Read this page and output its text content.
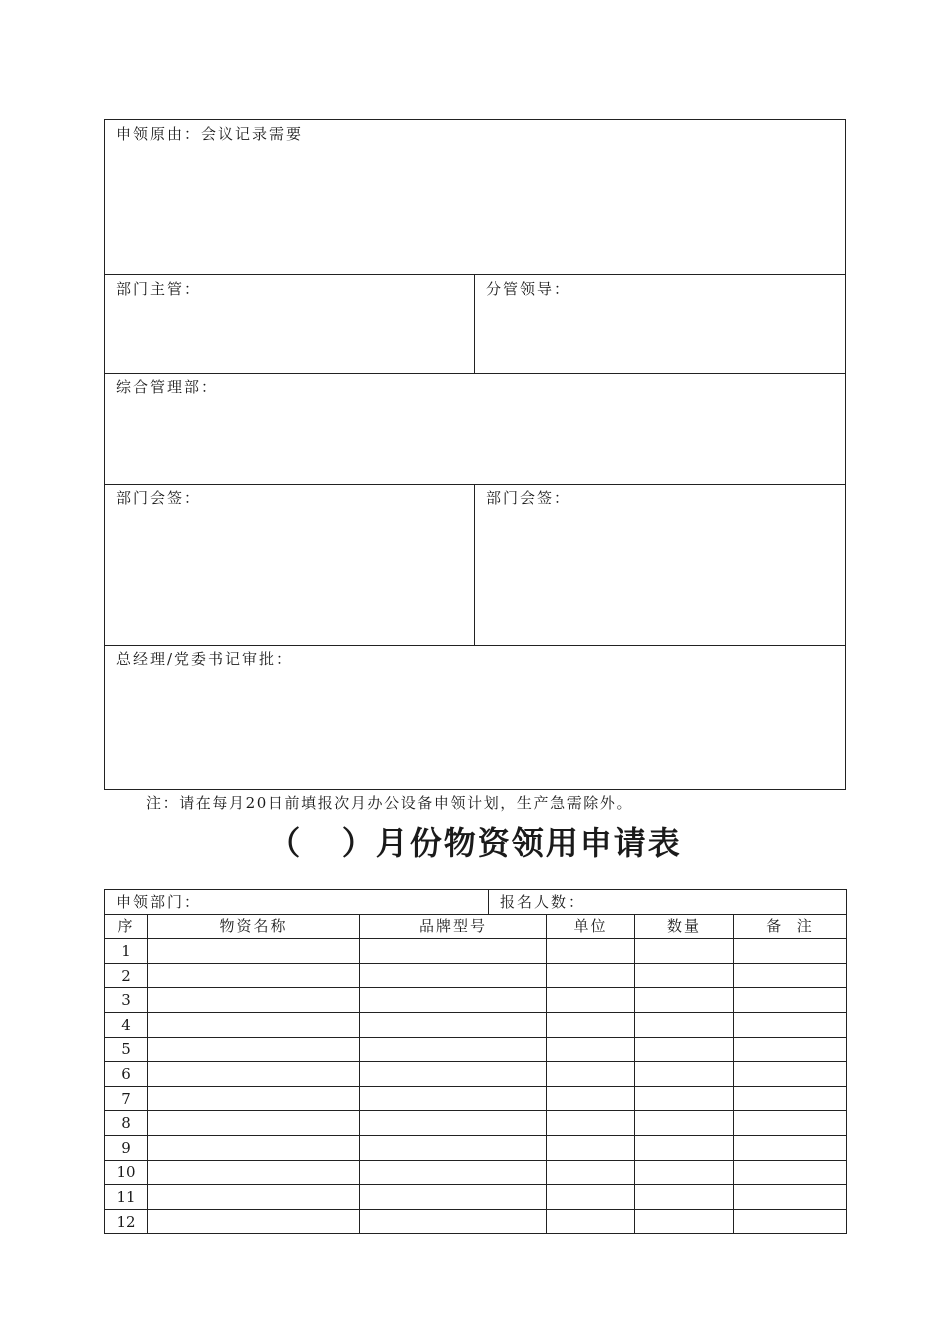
申领原由：会议记录需要
部门主管：	分管领导：
综合管理部：
部门会签：	部门会签：
总经理/党委书记审批：
注：请在每月20日前填报次月办公设备申领计划，生产急需除外。
（   ）月份物资领用申请表
申领部门：			报名人数：			
序	物资名称	品牌型号		单位	数量	备  注
1						
2						
3						
4						
5						
6						
7						
8						
9						
10						
11						
12						
